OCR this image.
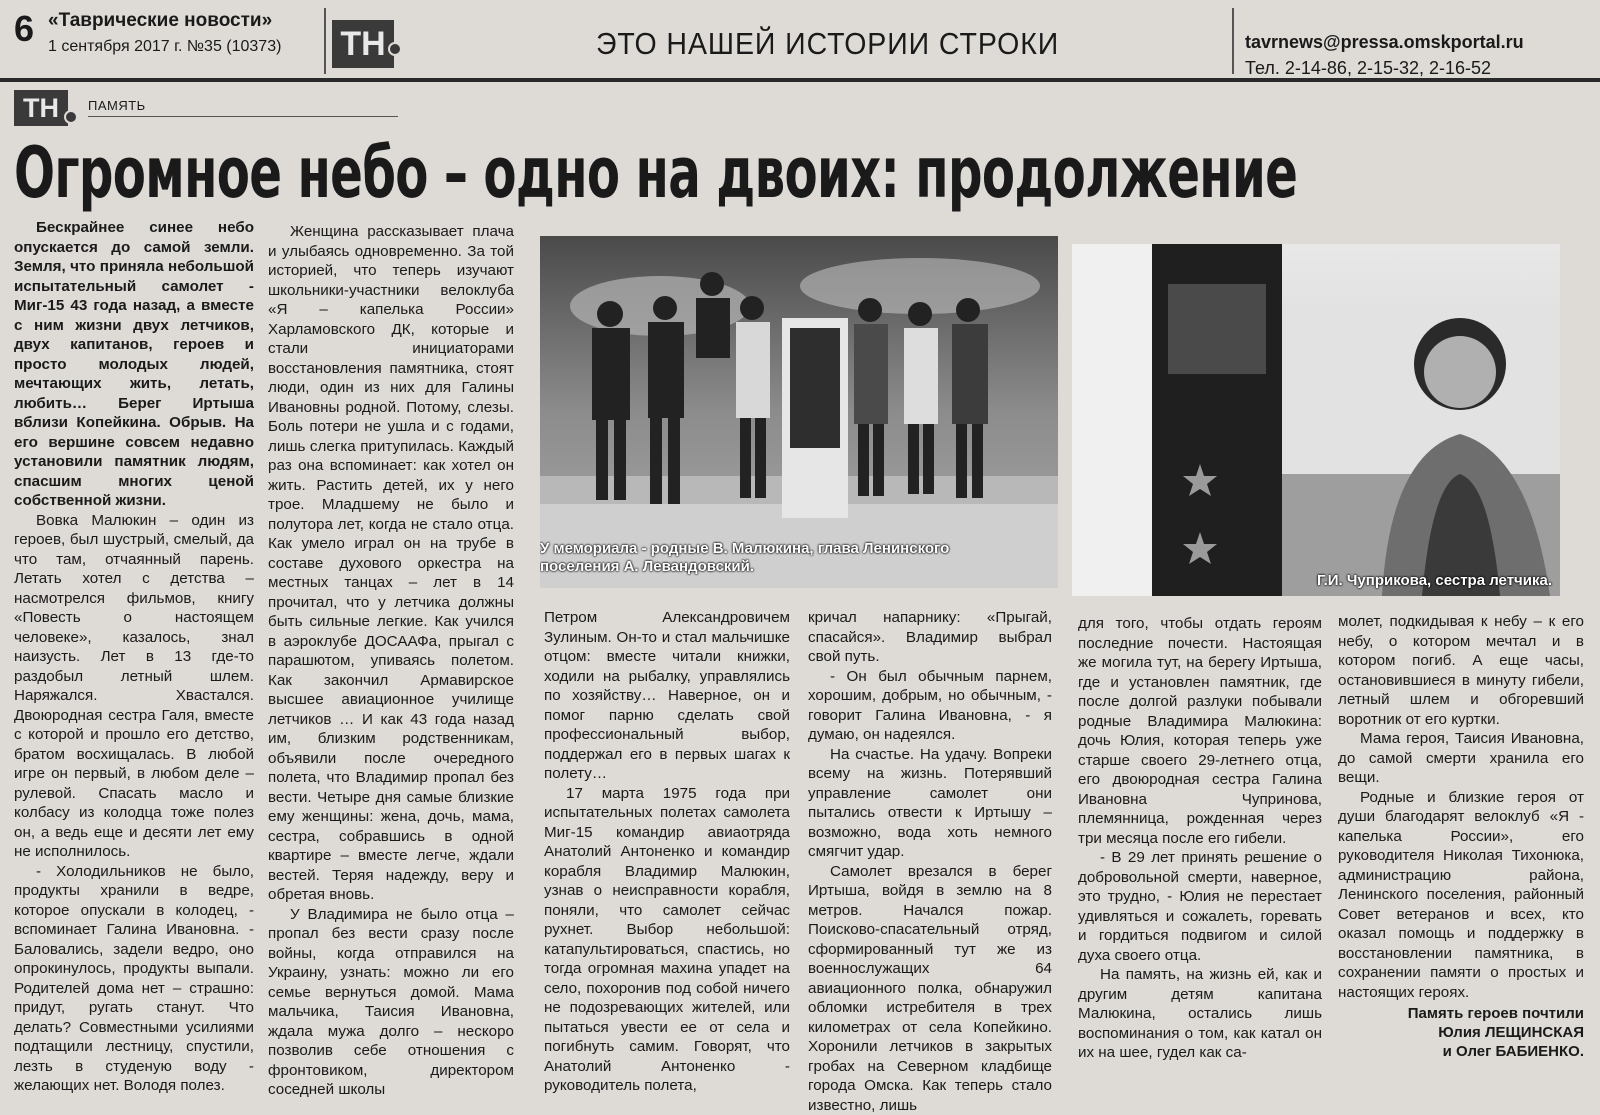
6 «Таврические новости»
1 сентября 2017 г. №35 (10373) ТН	ЭТО НАШЕЙ ИСТОРИИ СТРОКИ	tavrnews@pressa.omskportal.ru
Тел. 2-14-86, 2-15-32, 2-16-52
ТН	ПАМЯТЬ
Огромное небо – одно на двоих: продолжение

Бескрайнее синее небо опускается до самой земли. Земля, что приняла небольшой испытательный самолет - Миг-15 43 года назад, а вместе с ним жизни двух летчиков, двух капитанов, героев и просто молодых людей, мечтающих жить, летать, любить… Берег Иртыша вблизи Копейкина. Обрыв. На его вершине совсем недавно установили памятник людям, спасшим многих ценой собственной жизни.

Вовка Малюкин – один из героев, был шустрый, смелый, да что там, отчаянный парень. Летать хотел с детства – насмотрелся фильмов, книгу «Повесть о настоящем человеке», казалось, знал наизусть. Лет в 13 где-то раздобыл летный шлем. Наряжался. Хвастался. Двоюродная сестра Галя, вместе с которой и прошло его детство, братом восхищалась. В любой игре он первый, в любом деле – рулевой. Спасать масло и колбасу из колодца тоже полез он, а ведь еще и десяти лет ему не исполнилось.

- Холодильников не было, продукты хранили в ведре, которое опускали в колодец, - вспоминает Галина Ивановна. - Баловались, задели ведро, оно опрокинулось, продукты выпали. Родителей дома нет – страшно: придут, ругать станут. Что делать? Совместными усилиями подтащили лестницу, спустили, лезть в студеную воду - желающих нет. Володя полез.

Женщина рассказывает плача и улыбаясь одновременно. За той историей, что теперь изучают школьники-участники велоклуба «Я – капелька России» Харламовского ДК, которые и стали инициаторами восстановления памятника, стоят люди, один из них для Галины Ивановны родной. Потому, слезы. Боль потери не ушла и с годами, лишь слегка притупилась. Каждый раз она вспоминает: как хотел он жить. Растить детей, их у него трое. Младшему не было и полутора лет, когда не стало отца. Как умело играл он на трубе в составе духового оркестра на местных танцах – лет в 14 прочитал, что у летчика должны быть сильные легкие. Как учился в аэроклубе ДОСААФа, прыгал с парашютом, упиваясь полетом. Как закончил Армавирское высшее авиационное училище летчиков … И как 43 года назад им, близким родственникам, объявили после очередного полета, что Владимир пропал без вести. Четыре дня самые близкие ему женщины: жена, дочь, мама, сестра, собравшись в одной квартире – вместе легче, ждали вестей. Теряя надежду, веру и обретая вновь.

У Владимира не было отца – пропал без вести сразу после войны, когда отправился на Украину, узнать: можно ли его семье вернуться домой. Мама мальчика, Таисия Ивановна, ждала мужа долго – нескоро позволив себе отношения с фронтовиком, директором соседней школы

У мемориала - родные В. Малюкина, глава Ленинского поселения А. Левандовский.
Г.И. Чуприкова, сестра летчика.

Петром Александровичем Зулиным. Он-то и стал мальчишке отцом: вместе читали книжки, ходили на рыбалку, управлялись по хозяйству… Наверное, он и помог парню сделать свой профессиональный выбор, поддержал его в первых шагах к полету…

17 марта 1975 года при испытательных полетах самолета Миг-15 командир авиаотряда Анатолий Антоненко и командир корабля Владимир Малюкин, узнав о неисправности корабля, поняли, что самолет сейчас рухнет. Выбор небольшой: катапультироваться, спастись, но тогда огромная махина упадет на село, похоронив под собой ничего не подозревающих жителей, или пытаться увести ее от села и погибнуть самим. Говорят, что Анатолий Антоненко - руководитель полета,

кричал напарнику: «Прыгай, спасайся». Владимир выбрал свой путь.

- Он был обычным парнем, хорошим, добрым, но обычным, - говорит Галина Ивановна, - я думаю, он надеялся.

На счастье. На удачу. Вопреки всему на жизнь. Потерявший управление самолет они пытались отвести к Иртышу – возможно, вода хоть немного смягчит удар.

Самолет врезался в берег Иртыша, войдя в землю на 8 метров. Начался пожар. Поисково-спасательный отряд, сформированный тут же из военнослужащих 64 авиационного полка, обнаружил обломки истребителя в трех километрах от села Копейкино. Хоронили летчиков в закрытых гробах на Северном кладбище города Омска. Как теперь стало известно, лишь

для того, чтобы отдать героям последние почести. Настоящая же могила тут, на берегу Иртыша, где и установлен памятник, где после долгой разлуки побывали родные Владимира Малюкина: дочь Юлия, которая теперь уже старше своего 29-летнего отца, его двоюродная сестра Галина Ивановна Чупринова, племянница, рожденная через три месяца после его гибели.

- В 29 лет принять решение о добровольной смерти, наверное, это трудно, - Юлия не перестает удивляться и сожалеть, горевать и гордиться подвигом и силой духа своего отца.

На память, на жизнь ей, как и другим детям капитана Малюкина, остались лишь воспоминания о том, как катал он их на шее, гудел как са-

молет, подкидывая к небу – к его небу, о котором мечтал и в котором погиб. А еще часы, остановившиеся в минуту гибели, летный шлем и обгоревший воротник от его куртки.

Мама героя, Таисия Ивановна, до самой смерти хранила его вещи.

Родные и близкие героя от души благодарят велоклуб «Я - капелька России», его руководителя Николая Тихонюка, администрацию района, Ленинского поселения, районный Совет ветеранов и всех, кто оказал помощь и поддержку в восстановлении памятника, в сохранении памяти о простых и настоящих героях.

Память героев почтили
Юлия ЛЕЩИНСКАЯ
и Олег БАБИЕНКО.
